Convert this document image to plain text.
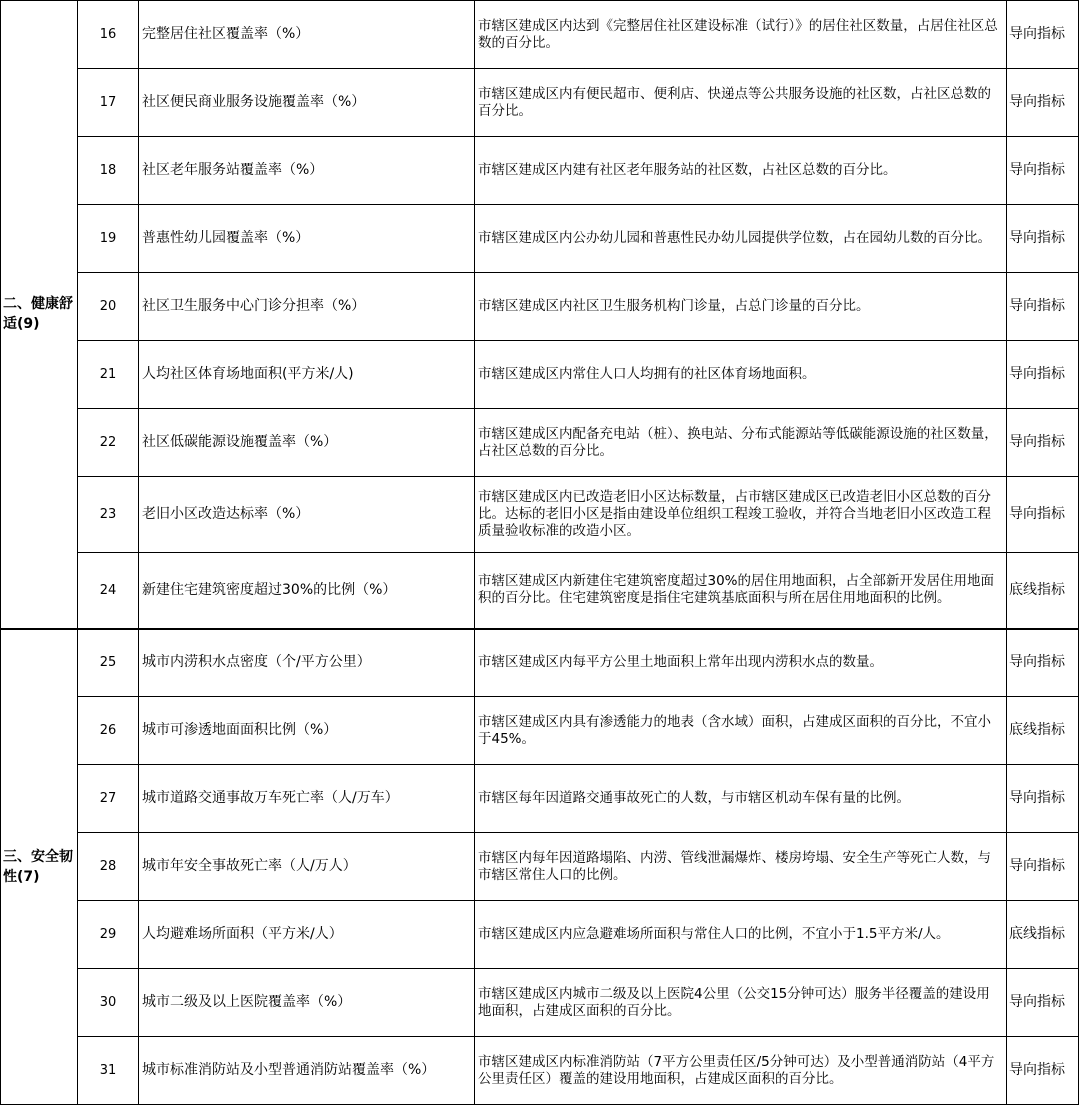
二、健康舒适(9)	16	完整居住社区覆盖率（%）	市辖区建成区内达到《完整居住社区建设标准（试行）》的居住社区数量，占居住社区总数的百分比。	导向指标
	17	社区便民商业服务设施覆盖率（%）	市辖区建成区内有便民超市、便利店、快递点等公共服务设施的社区数，占社区总数的百分比。	导向指标
	18	社区老年服务站覆盖率（%）	市辖区建成区内建有社区老年服务站的社区数，占社区总数的百分比。	导向指标
	19	普惠性幼儿园覆盖率（%）	市辖区建成区内公办幼儿园和普惠性民办幼儿园提供学位数，占在园幼儿数的百分比。	导向指标
	20	社区卫生服务中心门诊分担率（%）	市辖区建成区内社区卫生服务机构门诊量，占总门诊量的百分比。	导向指标
	21	人均社区体育场地面积(平方米/人)	市辖区建成区内常住人口人均拥有的社区体育场地面积。	导向指标
	22	社区低碳能源设施覆盖率（%）	市辖区建成区内配备充电站（桩）、换电站、分布式能源站等低碳能源设施的社区数量，占社区总数的百分比。	导向指标
	23	老旧小区改造达标率（%）	市辖区建成区内已改造老旧小区达标数量，占市辖区建成区已改造老旧小区总数的百分比。达标的老旧小区是指由建设单位组织工程竣工验收，并符合当地老旧小区改造工程质量验收标准的改造小区。	导向指标
	24	新建住宅建筑密度超过30%的比例（%）	市辖区建成区内新建住宅建筑密度超过30%的居住用地面积，占全部新开发居住用地面积的百分比。住宅建筑密度是指住宅建筑基底面积与所在居住用地面积的比例。	底线指标
三、安全韧性(7)	25	城市内涝积水点密度（个/平方公里）	市辖区建成区内每平方公里土地面积上常年出现内涝积水点的数量。	导向指标
	26	城市可渗透地面面积比例（%）	市辖区建成区内具有渗透能力的地表（含水域）面积，占建成区面积的百分比，不宜小于45%。	底线指标
	27	城市道路交通事故万车死亡率（人/万车）	市辖区每年因道路交通事故死亡的人数，与市辖区机动车保有量的比例。	导向指标
	28	城市年安全事故死亡率（人/万人）	市辖区内每年因道路塌陷、内涝、管线泄漏爆炸、楼房垮塌、安全生产等死亡人数，与市辖区常住人口的比例。	导向指标
	29	人均避难场所面积（平方米/人）	市辖区建成区内应急避难场所面积与常住人口的比例，不宜小于1.5平方米/人。	底线指标
	30	城市二级及以上医院覆盖率（%）	市辖区建成区内城市二级及以上医院4公里（公交15分钟可达）服务半径覆盖的建设用地面积，占建成区面积的百分比。	导向指标
	31	城市标准消防站及小型普通消防站覆盖率（%）	市辖区建成区内标准消防站（7平方公里责任区/5分钟可达）及小型普通消防站（4平方公里责任区）覆盖的建设用地面积，占建成区面积的百分比。	导向指标
